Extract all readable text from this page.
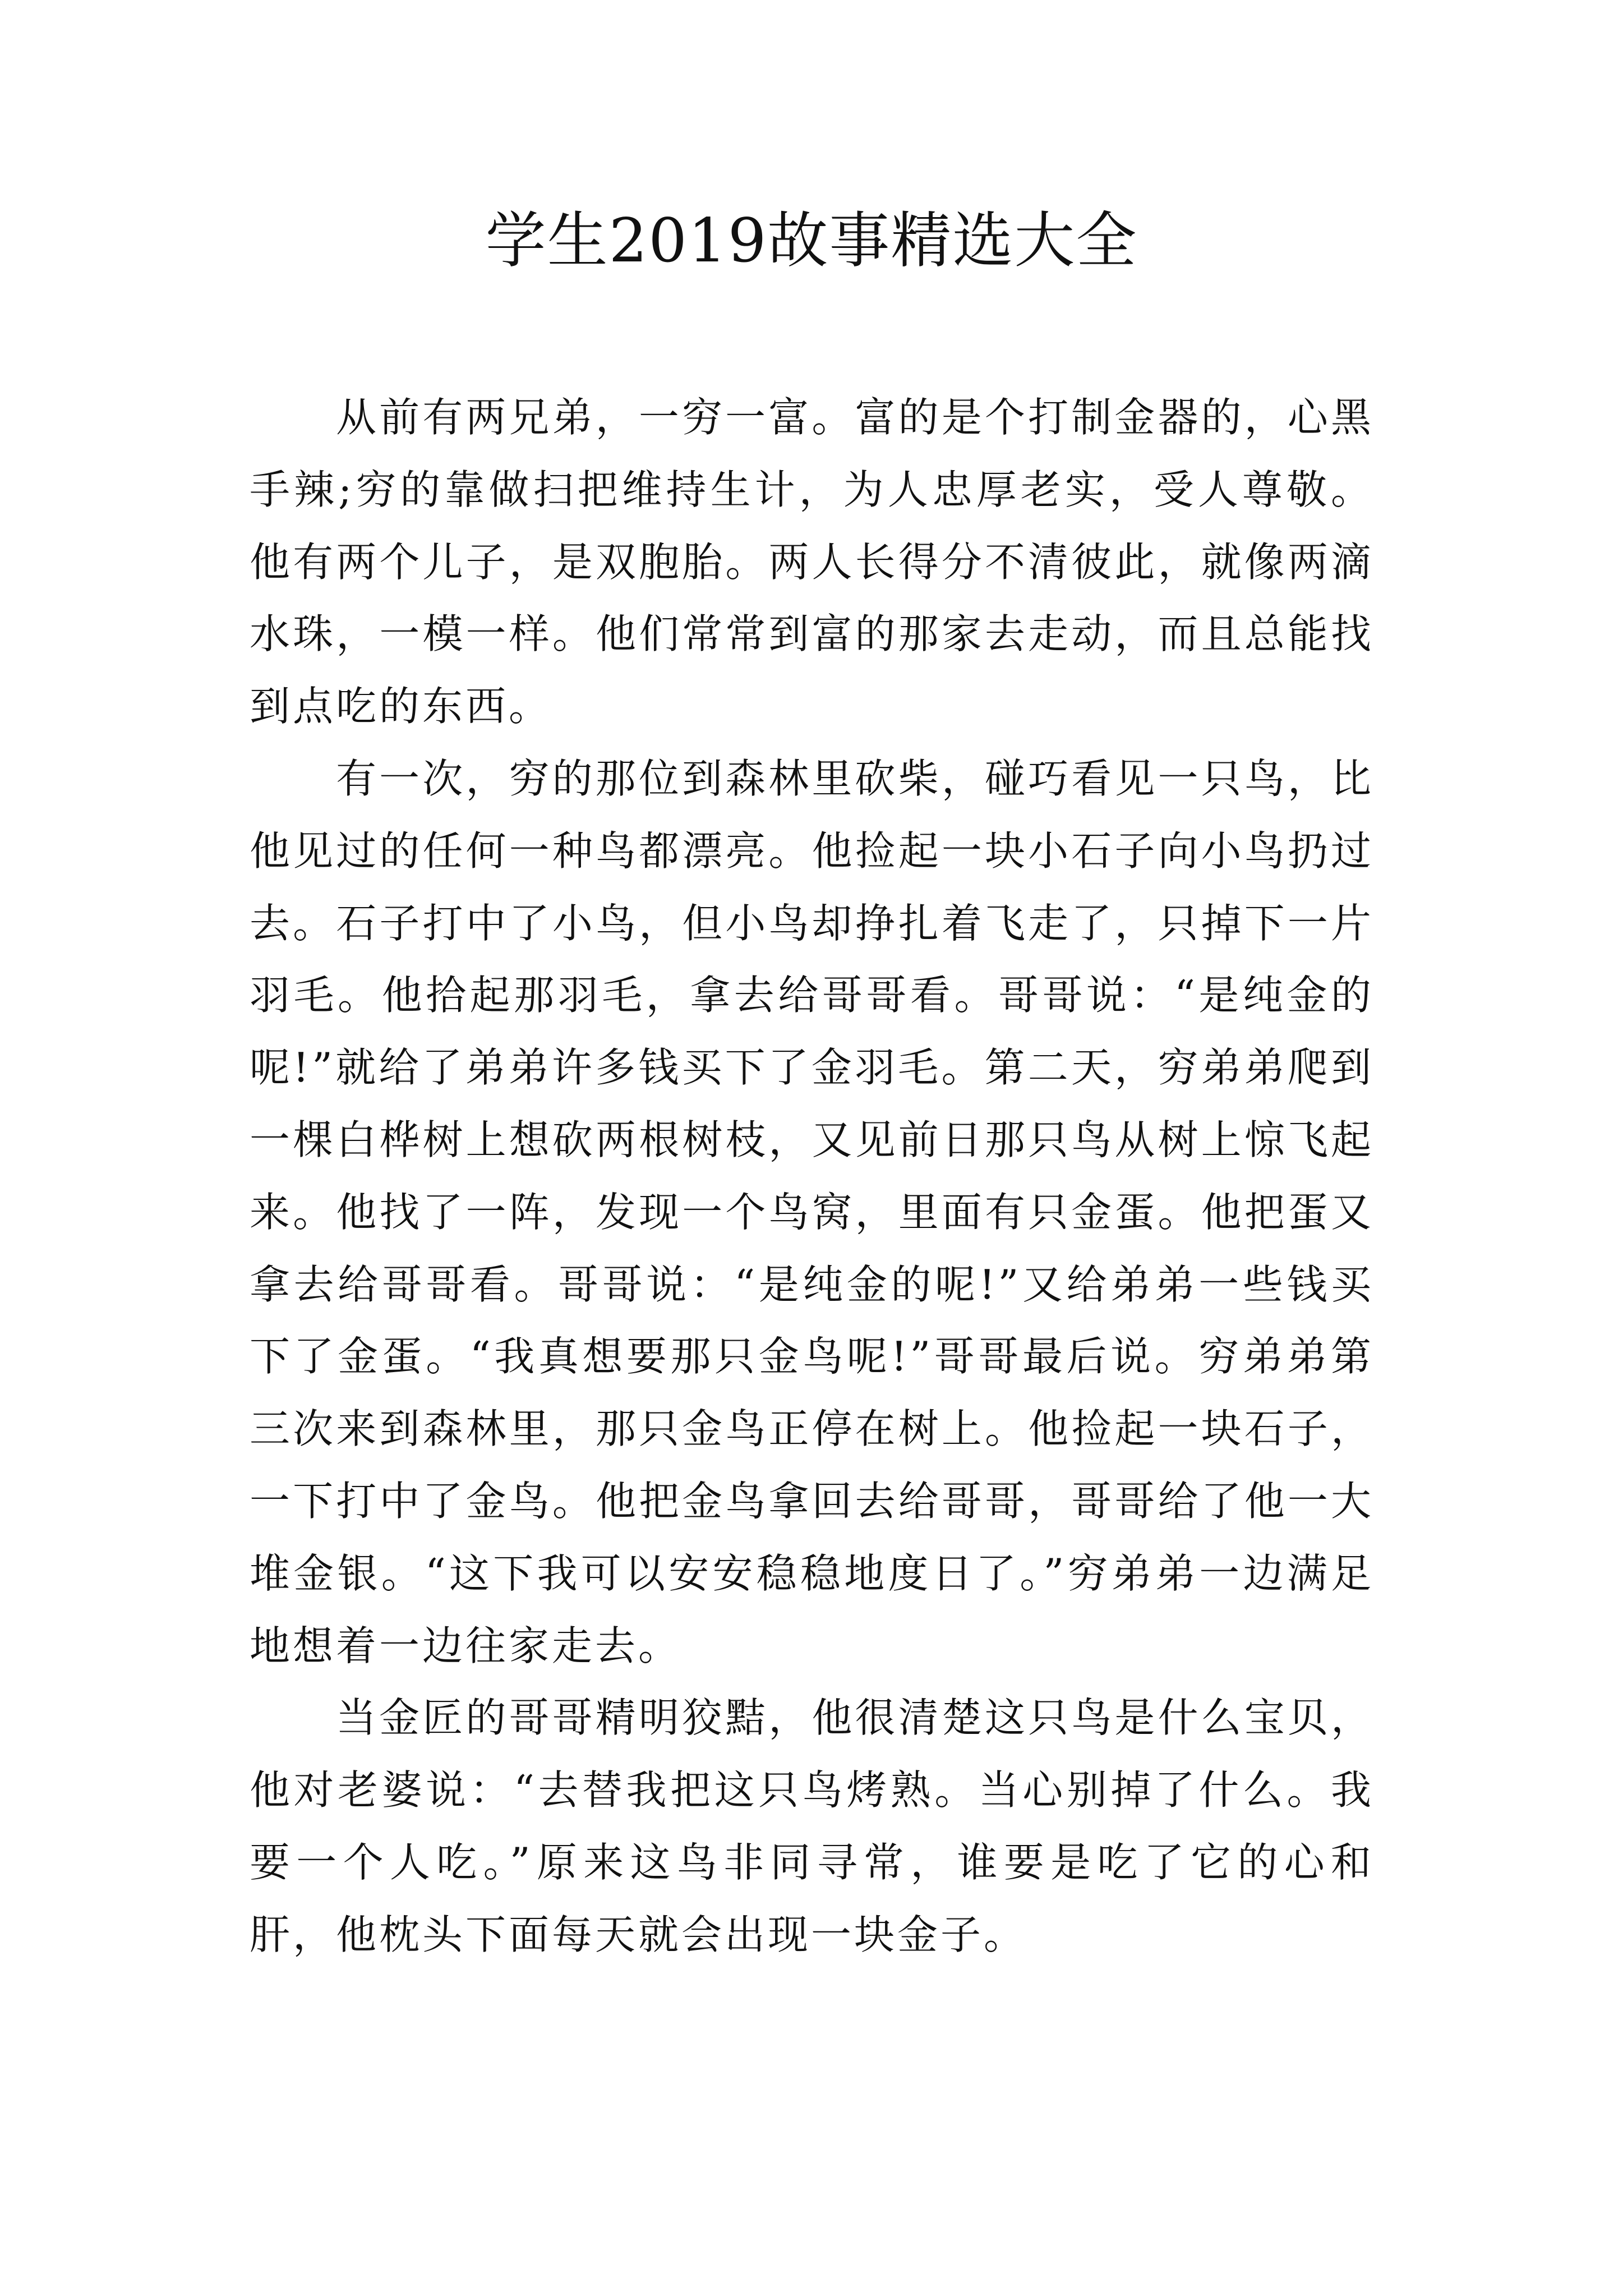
学生2019故事精选大全

从前有两兄弟，一穷一富。富的是个打制金器的，心黑手辣;穷的靠做扫把维持生计，为人忠厚老实，受人尊敬。他有两个儿子，是双胞胎。两人长得分不清彼此，就像两滴水珠，一模一样。他们常常到富的那家去走动，而且总能找到点吃的东西。

有一次，穷的那位到森林里砍柴，碰巧看见一只鸟，比他见过的任何一种鸟都漂亮。他捡起一块小石子向小鸟扔过去。石子打中了小鸟，但小鸟却挣扎着飞走了，只掉下一片羽毛。他拾起那羽毛，拿去给哥哥看。哥哥说：“是纯金的呢!”就给了弟弟许多钱买下了金羽毛。第二天，穷弟弟爬到一棵白桦树上想砍两根树枝，又见前日那只鸟从树上惊飞起来。他找了一阵，发现一个鸟窝，里面有只金蛋。他把蛋又拿去给哥哥看。哥哥说：“是纯金的呢!”又给弟弟一些钱买下了金蛋。“我真想要那只金鸟呢!”哥哥最后说。穷弟弟第三次来到森林里，那只金鸟正停在树上。他捡起一块石子，一下打中了金鸟。他把金鸟拿回去给哥哥，哥哥给了他一大堆金银。“这下我可以安安稳稳地度日了。”穷弟弟一边满足地想着一边往家走去。

当金匠的哥哥精明狡黠，他很清楚这只鸟是什么宝贝，他对老婆说：“去替我把这只鸟烤熟。当心别掉了什么。我要一个人吃。”原来这鸟非同寻常，谁要是吃了它的心和肝，他枕头下面每天就会出现一块金子。
